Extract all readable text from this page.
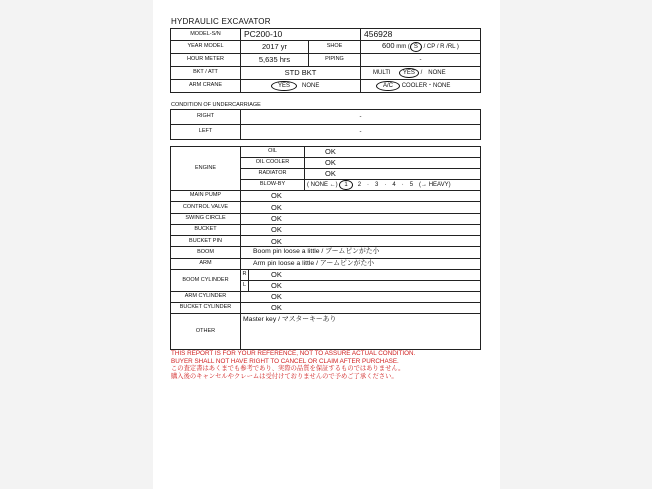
HYDRAULIC EXCAVATOR
MODEL-S/N	PC200-10		456928
YEAR MODEL	2017 yr	SHOE	600 mm ( S / CP / R /RL )
HOUR METER	5,635 hrs	PIPING	-
BKT / ATT	STD BKT		MULTI YES /　NONE
ARM CRANE	YES NONE		A/C COOLER・NONE
CONDITION OF UNDERCARRIAGE
RIGHT	-
LEFT	-
ENGINE	OIL		OK
	OIL COOLER		OK
	RADIATOR		OK
	BLOW-BY		( NONE ←) 1 2　·　3　·　4　·　5　(→ HEAVY)
MAIN PUMP	OK		
CONTROL VALVE	OK		
SWING CIRCLE	OK		
BUCKET	OK		
BUCKET PIN	OK		
BOOM	Boom pin loose a little / ブームピンがた小		
ARM	Arm pin loose a little / アームピンがた小		
BOOM CYLINDER	R	OK	
	L	OK	
ARM CYLINDER	OK		
BUCKET CYLINDER	OK		
OTHER	Master key / マスターキーあり		
THIS REPORT IS FOR YOUR REFERENCE, NOT TO ASSURE ACTUAL CONDITION.
BUYER SHALL NOT HAVE RIGHT TO CANCEL OR CLAIM AFTER PURCHASE.
この査定書はあくまでも参考であり、実際の品質を保証するものではありません。
購入後のキャンセルやクレームは受付けておりませんので予めご了承ください。
